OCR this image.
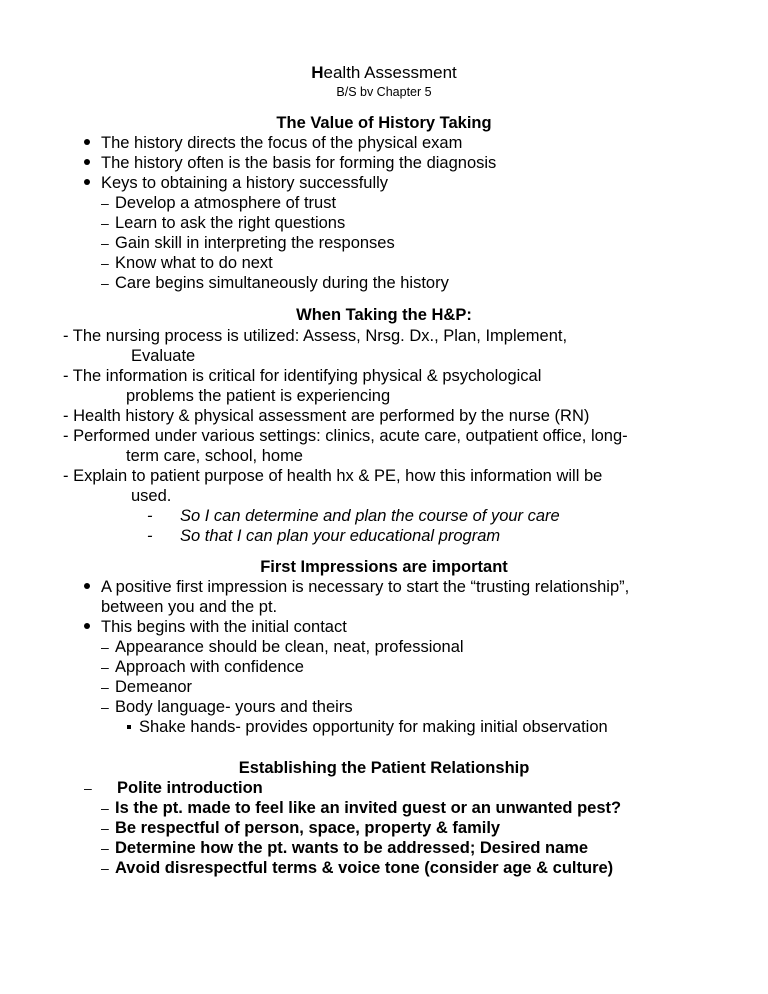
Health Assessment
B/S bv Chapter 5
The Value of History Taking
The history directs the focus of the physical exam
The history often is the basis for forming the diagnosis
Keys to obtaining a history successfully
– Develop a atmosphere of trust
– Learn to ask the right questions
– Gain skill in interpreting the responses
– Know what to do next
– Care begins simultaneously during the history
When Taking the H&P:
- The nursing process is utilized: Assess, Nrsg. Dx., Plan, Implement,
Evaluate
- The information is critical for identifying physical & psychological
problems the patient is experiencing
- Health history & physical assessment are performed by the nurse (RN)
- Performed under various settings: clinics, acute care, outpatient office, long-
term care, school, home
- Explain to patient purpose of health hx & PE, how this information will be
used.
- So I can determine and plan the course of your care
- So that I can plan your educational program
First Impressions are important
A positive first impression is necessary to start the “trusting relationship”,
between you and the pt.
This begins with the initial contact
– Appearance should be clean, neat, professional
– Approach with confidence
– Demeanor
– Body language- yours and theirs
Shake hands- provides opportunity for making initial observation
Establishing the Patient Relationship
– Polite introduction
– Is the pt. made to feel like an invited guest or an unwanted pest?
– Be respectful of person, space, property & family
– Determine how the pt. wants to be addressed; Desired name
– Avoid disrespectful terms & voice tone (consider age & culture)
